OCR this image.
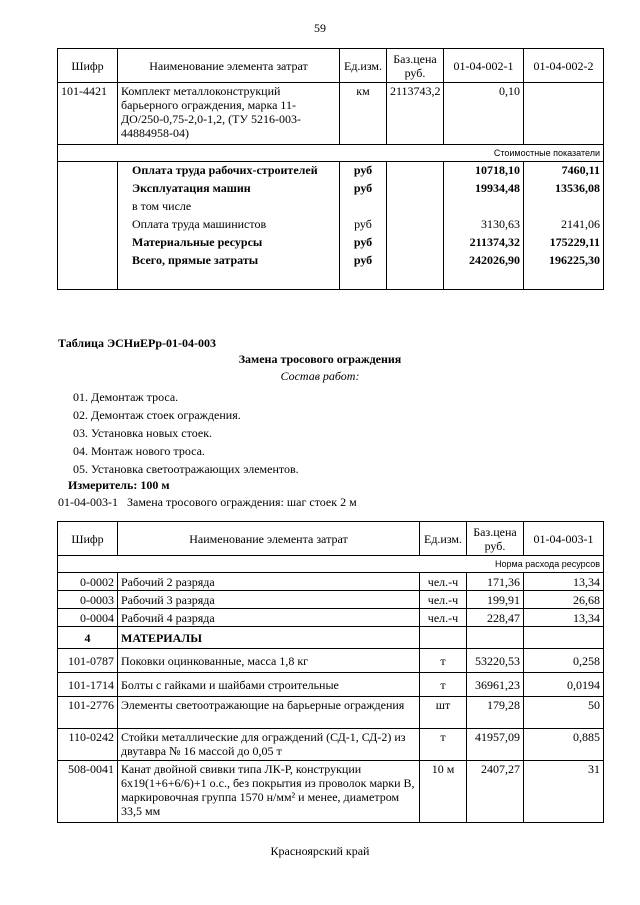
59
Шифр	Наименование элемента затрат	Ед.изм.	Баз.цена руб.	01-04-002-1	01-04-002-2
101-4421	Комплект металлоконструкций барьерного ограждения, марка 11-ДО/250-0,75-2,0-1,2, (ТУ 5216-003-44884958-04)	км	2113743,2	0,10	
Стоимостные показатели					
	Оплата труда рабочих-строителей	руб		10718,10	7460,11
	Эксплуатация машин	руб		19934,48	13536,08
	в том числе				
	Оплата труда машинистов	руб		3130,63	2141,06
	Материальные ресурсы	руб		211374,32	175229,11
	Всего, прямые затраты	руб		242026,90	196225,30

Таблица ЭСНиЕРр-01-04-003
Замена тросового ограждения
Состав работ:
01. Демонтаж троса.
02. Демонтаж стоек ограждения.
03. Установка новых стоек.
04. Монтаж нового троса.
05. Установка светоотражающих элементов.
Измеритель: 100 м
01-04-003-1   Замена тросового ограждения: шаг стоек 2 м
Шифр	Наименование элемента затрат	Ед.изм.	Баз.цена руб.	01-04-003-1
Норма расхода ресурсов				
0-0002	Рабочий 2 разряда	чел.-ч	171,36	13,34
0-0003	Рабочий 3 разряда	чел.-ч	199,91	26,68
0-0004	Рабочий 4 разряда	чел.-ч	228,47	13,34
4	МАТЕРИАЛЫ			
101-0787	Поковки оцинкованные, масса 1,8 кг	т	53220,53	0,258
101-1714	Болты с гайками и шайбами строительные	т	36961,23	0,0194
101-2776	Элементы светоотражающие на барьерные ограждения	шт	179,28	50
110-0242	Стойки металлические для ограждений (СД-1, СД-2) из двутавра № 16 массой до 0,05 т	т	41957,09	0,885
508-0041	Канат двойной свивки типа ЛК-Р, конструкции 6х19(1+6+6/6)+1 о.с., без покрытия из проволок марки В, маркировочная группа 1570 н/мм² и менее, диаметром 33,5 мм	10 м	2407,27	31
Красноярский край
